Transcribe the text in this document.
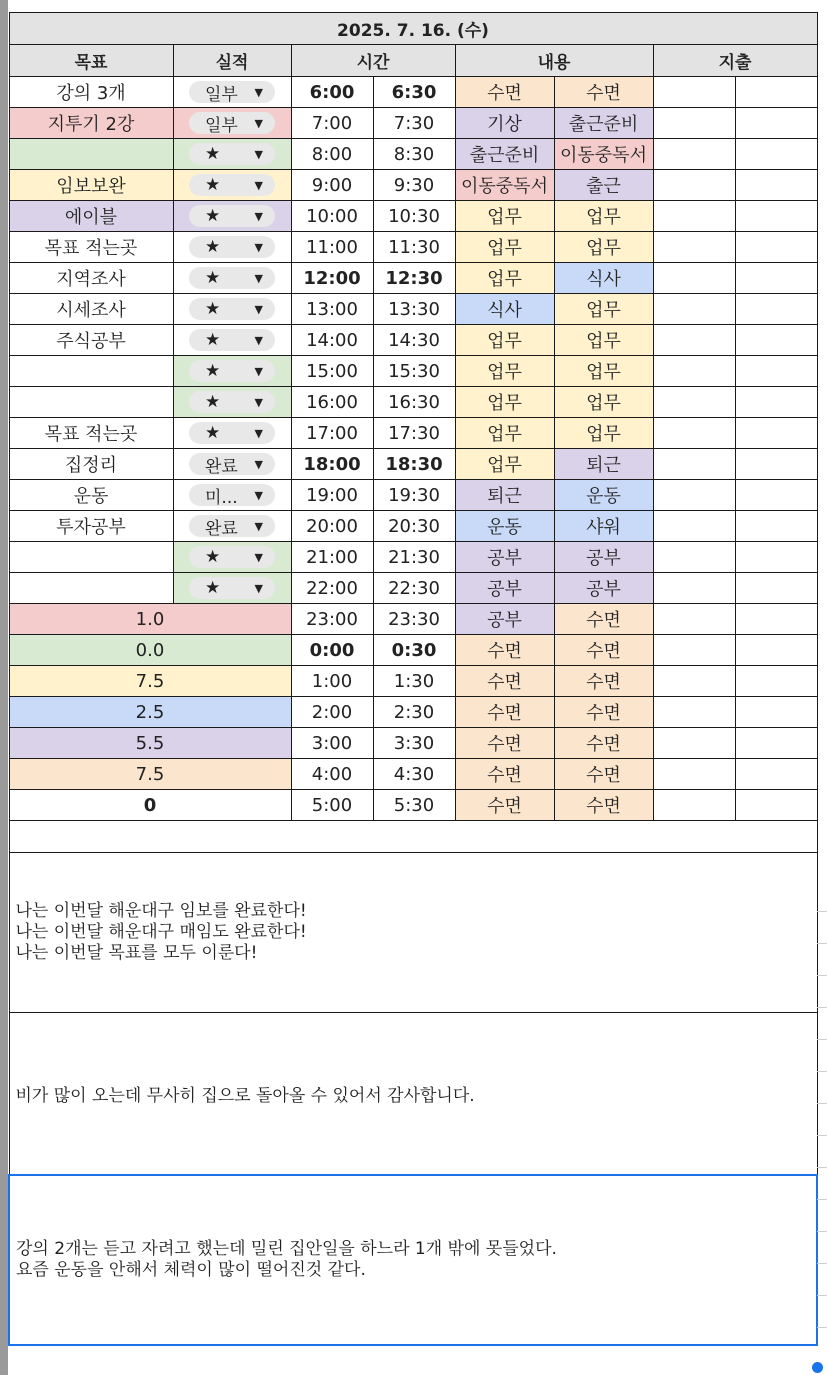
2025. 7. 16. (수)							
목표	실적	시간		내용		지출	
강의 3개	일부 ▼	6:00	6:30	수면	수면		
지투기 2강	일부 ▼	7:00	7:30	기상	출근준비		

	★ ▼	8:00	8:30	출근준비	이동중독서		
임보보완	★ ▼	9:00	9:30	이동중독서	출근		
에이블	★ ▼	10:00	10:30	업무	업무		
목표 적는곳	★ ▼	11:00	11:30	업무	업무		
지역조사	★ ▼	12:00	12:30	업무	식사		
시세조사	★ ▼	13:00	13:30	식사	업무		
주식공부	★ ▼	14:00	14:30	업무	업무		

	★ ▼	15:00	15:30	업무	업무		

	★ ▼	16:00	16:30	업무	업무		
목표 적는곳	★ ▼	17:00	17:30	업무	업무		
집정리	완료 ▼	18:00	18:30	업무	퇴근		
운동	미... ▼	19:00	19:30	퇴근	운동		
투자공부	완료 ▼	20:00	20:30	운동	샤워		

	★ ▼	21:00	21:30	공부	공부		

	★ ▼	22:00	22:30	공부	공부		
1.0		23:00	23:30	공부	수면		
0.0		0:00	0:30	수면	수면		
7.5		1:00	1:30	수면	수면		
2.5		2:00	2:30	수면	수면		
5.5		3:00	3:30	수면	수면		
7.5		4:00	4:30	수면	수면		
0		5:00	5:30	수면	수면		

나는 이번달 해운대구 임보를 완료한다!
나는 이번달 해운대구 매임도 완료한다!
나는 이번달 목표를 모두 이룬다!							

비가 많이 오는데 무사히 집으로 돌아올 수 있어서 감사합니다.							

강의 2개는 듣고 자려고 했는데 밀린 집안일을 하느라 1개 밖에 못들었다.
요즘 운동을 안해서 체력이 많이 떨어진것 같다.							
